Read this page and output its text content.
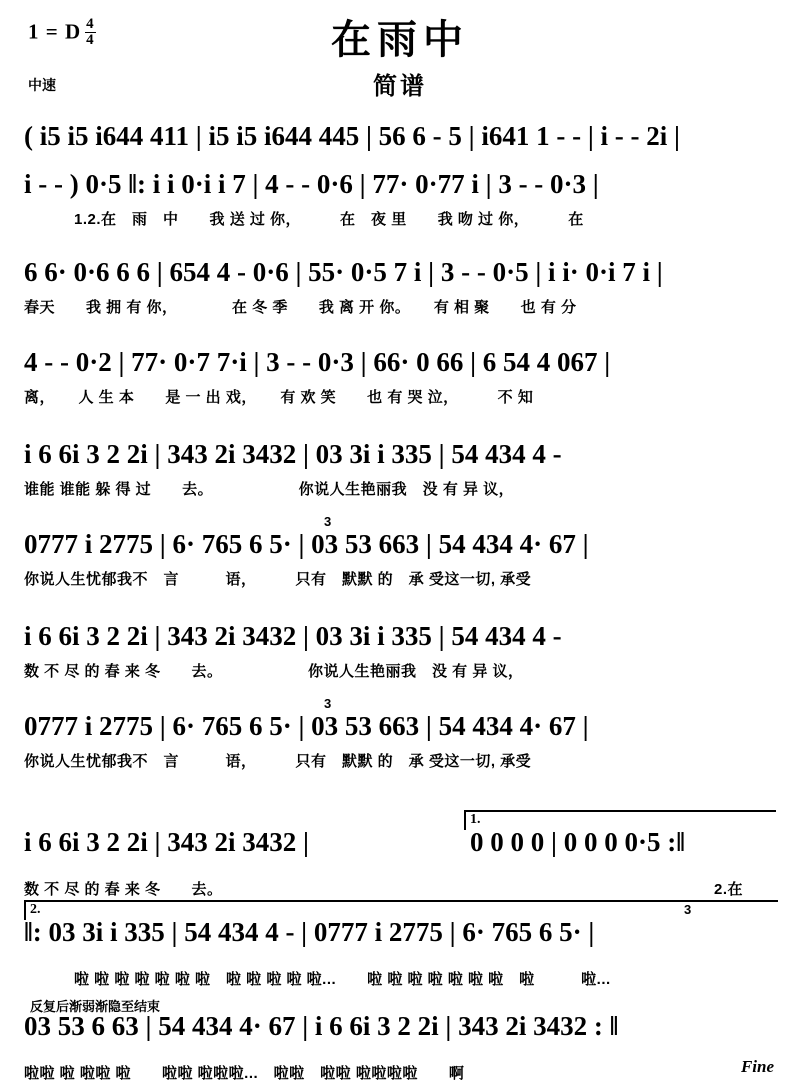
1 = D $\frac{4}{4}$
中速
在雨中
简谱
( i5 i5 i644 411 | i5 i5 i644 445 | 56 6 - 5 | i641 1 - - | i - - 2i |
i - - ) 0·5 ‖: i i 0·i i 7 | 4 - - 0·6 | 77· 0·77 i | 3 - - 0·3 |
1.2.在　雨　中　　我 送 过 你，　　　在　夜 里　　我 吻 过 你，　　　在
6 6· 0·6 6 6 | 654 4 - 0·6 | 55· 0·5 7 i | 3 - - 0·5 | i i· 0·i 7 i |
春天　　我 拥 有 你，　　　　在 冬 季　　我 离 开 你。　　有 相 聚　　也 有 分
4 - - 0·2 | 77· 0·7 7·i | 3 - - 0·3 | 66· 0 66 | 6 54 4 067 |
离，　　人 生 本　　是 一 出 戏，　　有 欢 笑　　也 有 哭 泣，　　　不 知
i 6 6i 3 2 2i | 343 2i 3432 | 03 3i i 335 | 54 434 4 -
谁能 谁能 躲 得 过　　去。　　　　　　你说人生艳丽我　没 有 异 议，
0777 i 2775 | 6· 765 6 5· | 03 53 663 | 54 434 4· 67 |
你说人生忧郁我不　言　　　语，　　　只有　默默 的　承 受这一切, 承受
3
i 6 6i 3 2 2i | 343 2i 3432 | 03 3i i 335 | 54 434 4 -
数 不 尽 的 春 来 冬　　去。　　　　　　你说人生艳丽我　没 有 异 议，
0777 i 2775 | 6· 765 6 5· | 03 53 663 | 54 434 4· 67 |
你说人生忧郁我不　言　　　语，　　　只有　默默 的　承 受这一切, 承受
3
1.
i 6 6i 3 2 2i | 343 2i 3432 |	0 0 0 0 | 0 0 0 0·5 :‖
数 不 尽 的 春 来 冬　　去。	2.在
2.
‖: 03 3i i 335 | 54 434 4 - | 0777 i 2775 | 6· 765 6 5· |
啦 啦 啦 啦 啦 啦 啦　啦 啦 啦 啦 啦...　　啦 啦 啦 啦 啦 啦 啦　啦　　　啦...
3
反复后渐弱渐隐至结束
03 53 6 63 | 54 434 4· 67 | i 6 6i 3 2 2i | 343 2i 3432 : ‖
啦啦 啦 啦啦 啦　　啦啦 啦啦啦...　啦啦　啦啦 啦啦啦啦　　啊	Fine
